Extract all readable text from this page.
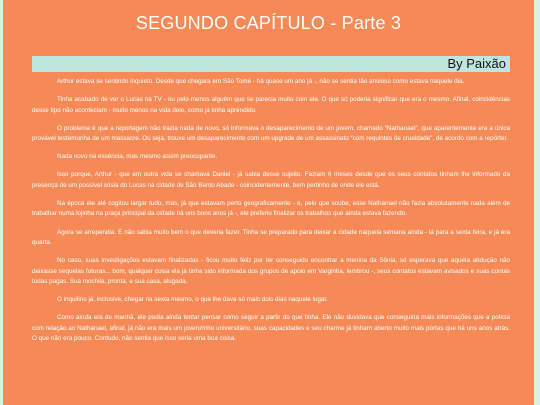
SEGUNDO CAPÍTULO - Parte 3
By Paixão

Arthur estava se sentindo inquieto. Desde que chegara em São Tomé - há quase um ano já -, não se sentia tão ansioso como estava naquele dia.

Tinha acabado de ver o Lucas na TV - ou pelo menos alguém que se parecia muito com ele. O que só poderia significar que era o mesmo. Afinal, coincidências desse tipo não aconteciam - muito menos na vida dele, como já tinha aprendido.

O problema é que a reportagem não trazia nada de novo, só informava o desaparecimento de um jovem, chamado “Nathanael”, que aparentemente era a única provável testemunha de um massacre. Ou seja, trouxe um desaparecimento com um upgrade de um assassinato “com requintes de crueldade”, de acordo com a repórter.

Nada novo na essência, mas mesmo assim preocupante.

Isso porque, Arthur - que em outra vida se chamava Daniel - já sabia desse sujeito. Faziam 6 meses desde que os seus contatos tinham lhe informado da presença de um possível sósia do Lucas na cidade de São Bento Abade - coincidentemente, bem pertinho de onde ele está.

Na época ele até cogitou largar tudo, mas, já que estavam perto geograficamente - e, pelo que soube, esse Nathanael não fazia absolutamente nada além de trabalhar numa lojinha na praça principal da cidade há uns bons anos já -, ele preferiu finalizar os trabalhos que ainda estava fazendo.

Agora se arrependia. E não sabia muito bem o que deveria fazer. Tinha se preparado para deixar a cidade naquela semana ainda - lá para a sexta feira, e já era quarta.

No caso, suas investigações estavam finalizadas - ficou muito feliz por ter conseguido encontrar a menina da Sônia, só esperava que aquela abdução não deixasse sequelas futuras... bom, qualquer coisa ela já tinha sido informada dos grupos de apoio em Varginha, lembrou -, seus contatos estavam avisados e suas contas todas pagas. Sua mochila, pronta, e sua casa, alugada.

O inquilino já, inclusive, chegar na sexta mesmo, o que lhe dava só mais dois dias naquele lugar.

Como ainda era de manhã, ele podia ainda tentar pensar como seguir a partir do que tinha. Ele não duvidava que conseguiria mais informações que a polícia com relação ao Nathanael, afinal, já não era mais um jovenzinho universitário, suas capacidades e seu charme já tinham aberto muito mais portas que há uns anos atrás. O que não era pouco. Contudo, não sentia que isso seria uma boa coisa.
